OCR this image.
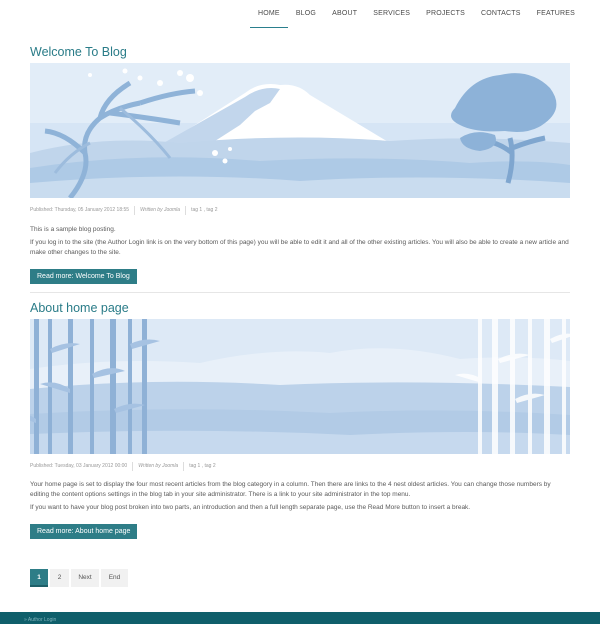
HOME	BLOG	ABOUT	SERVICES	PROJECTS	CONTACTS	FEATURES
Welcome To Blog
Published: Thursday, 05 January 2012 18:55	Written by Joomla	tag 1 , tag 2

This is a sample blog posting.

If you log in to the site (the Author Login link is on the very bottom of this page) you will be able to edit it and all of the other existing articles. You will also be able to create a new article and make other changes to the site.

Read more: Welcome To Blog
About home page
Published: Tuesday, 03 January 2012 00:00	Written by Joomla	tag 1 , tag 2

Your home page is set to display the four most recent articles from the blog category in a column. Then there are links to the 4 nest oldest articles. You can change those numbers by editing the content options settings in the blog tab in your site administrator. There is a link to your site administrator in the top menu.

If you want to have your blog post broken into two parts, an introduction and then a full length separate page, use the Read More button to insert a break.

Read more: About home page
1	2	Next	End
» Author Login
